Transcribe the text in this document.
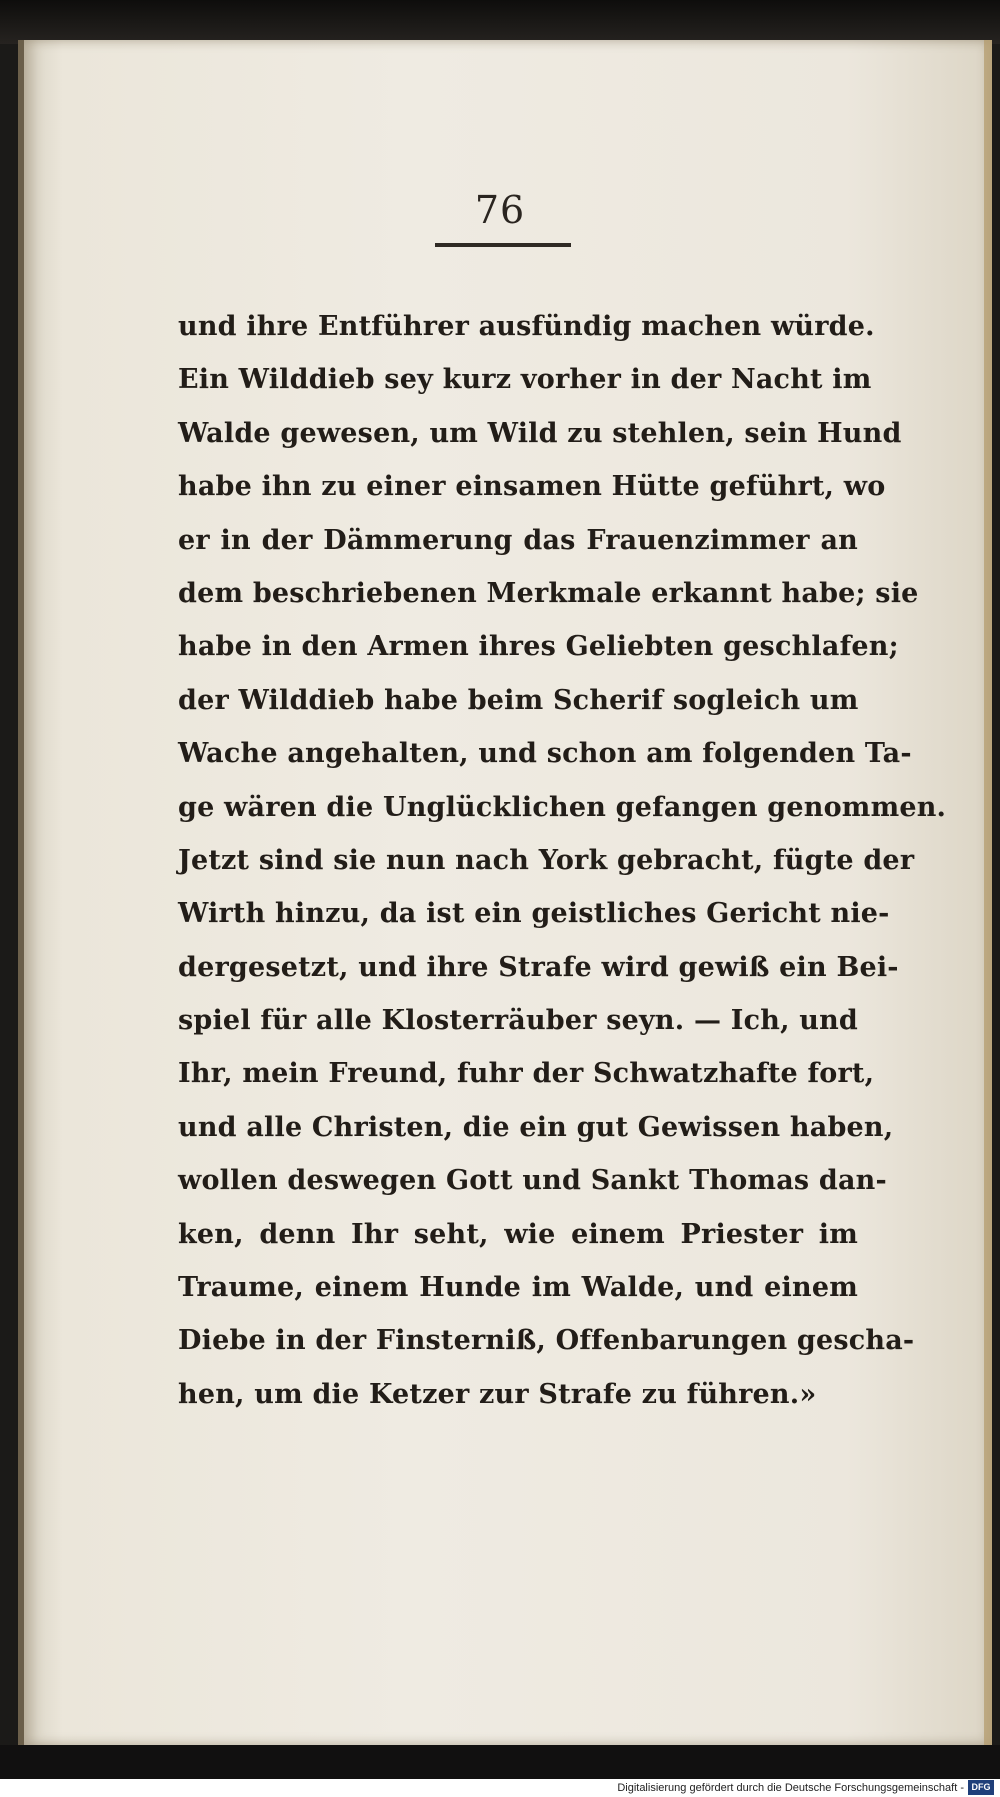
76
und ihre Entführer ausfündig machen würde.
Ein Wilddieb sey kurz vorher in der Nacht im
Walde gewesen, um Wild zu stehlen, sein Hund
habe ihn zu einer einsamen Hütte geführt, wo
er in der Dämmerung das Frauenzimmer an
dem beschriebenen Merkmale erkannt habe; sie
habe in den Armen ihres Geliebten geschlafen;
der Wilddieb habe beim Scherif sogleich um
Wache angehalten, und schon am folgenden Ta-
ge wären die Unglücklichen gefangen genommen.
Jetzt sind sie nun nach York gebracht, fügte der
Wirth hinzu, da ist ein geistliches Gericht nie-
dergesetzt, und ihre Strafe wird gewiß ein Bei-
spiel für alle Klosterräuber seyn. — Ich, und
Ihr, mein Freund, fuhr der Schwatzhafte fort,
und alle Christen, die ein gut Gewissen haben,
wollen deswegen Gott und Sankt Thomas dan-
ken, denn Ihr seht, wie einem Priester im
Traume, einem Hunde im Walde, und einem
Diebe in der Finsterniß, Offenbarungen gescha-
hen, um die Ketzer zur Strafe zu führen.»
Digitalisierung gefördert durch die Deutsche Forschungsgemeinschaft - DFG
